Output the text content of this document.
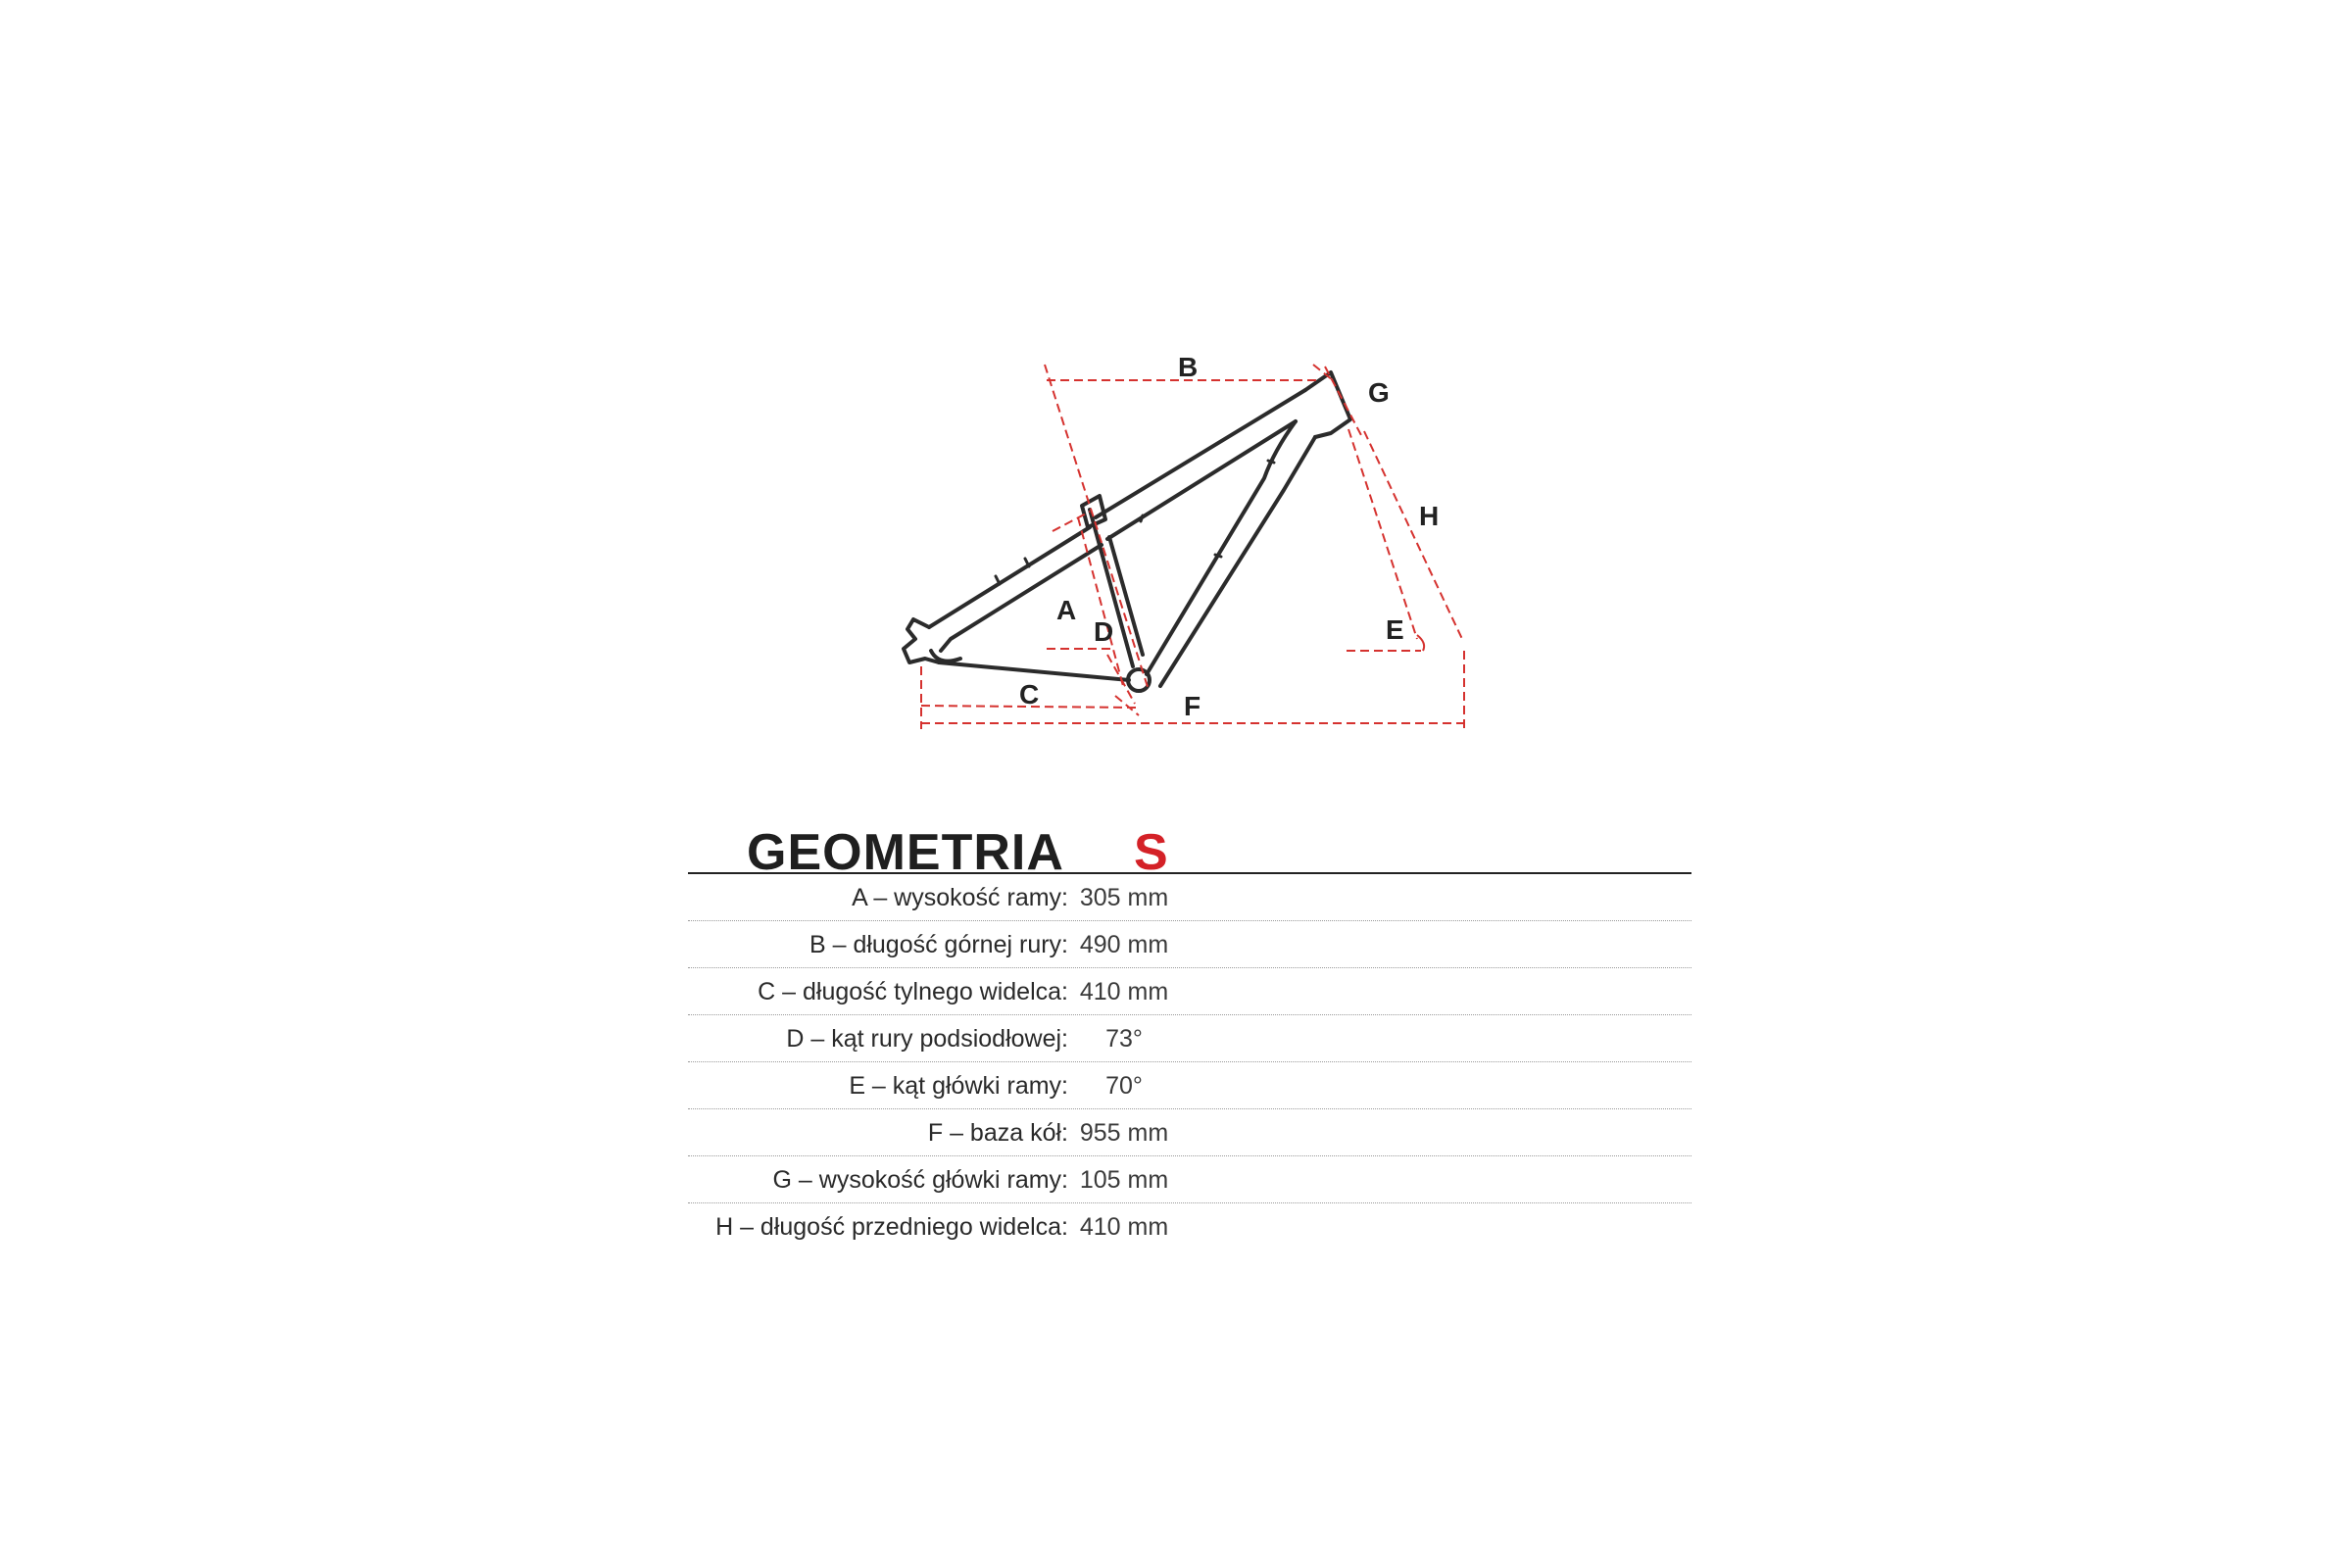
B
G
H
A
D	E
C	F
GEOMETRIA S
A – wysokość ramy: 305 mm
B – długość górnej rury: 490 mm
C – długość tylnego widelca: 410 mm
D – kąt rury podsiodłowej:	73°
E – kąt główki ramy:	70°
F – baza kół: 955 mm
G – wysokość główki ramy: 105 mm
H – długość przedniego widelca: 410 mm
